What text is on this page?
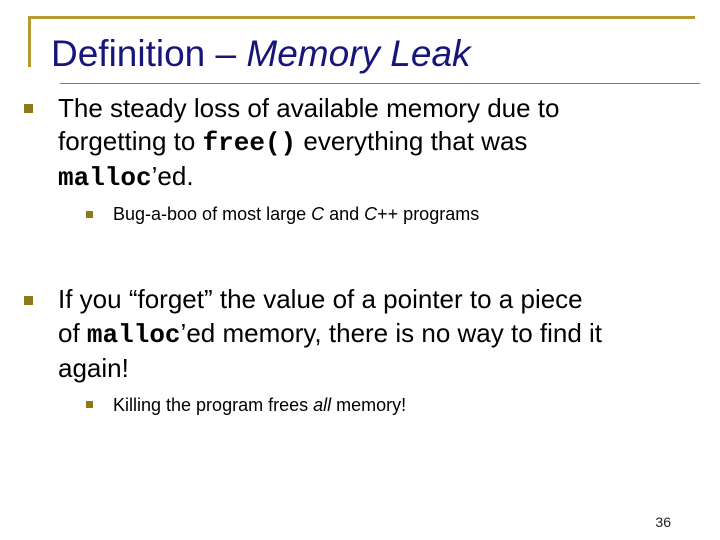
Definition – Memory Leak
The steady loss of available memory due to
forgetting to free() everything that was
malloc’ed.
Bug-a-boo of most large C and C++ programs
If you “forget” the value of a pointer to a piece
of malloc’ed memory, there is no way to find it
again!
Killing the program frees all memory!
36
